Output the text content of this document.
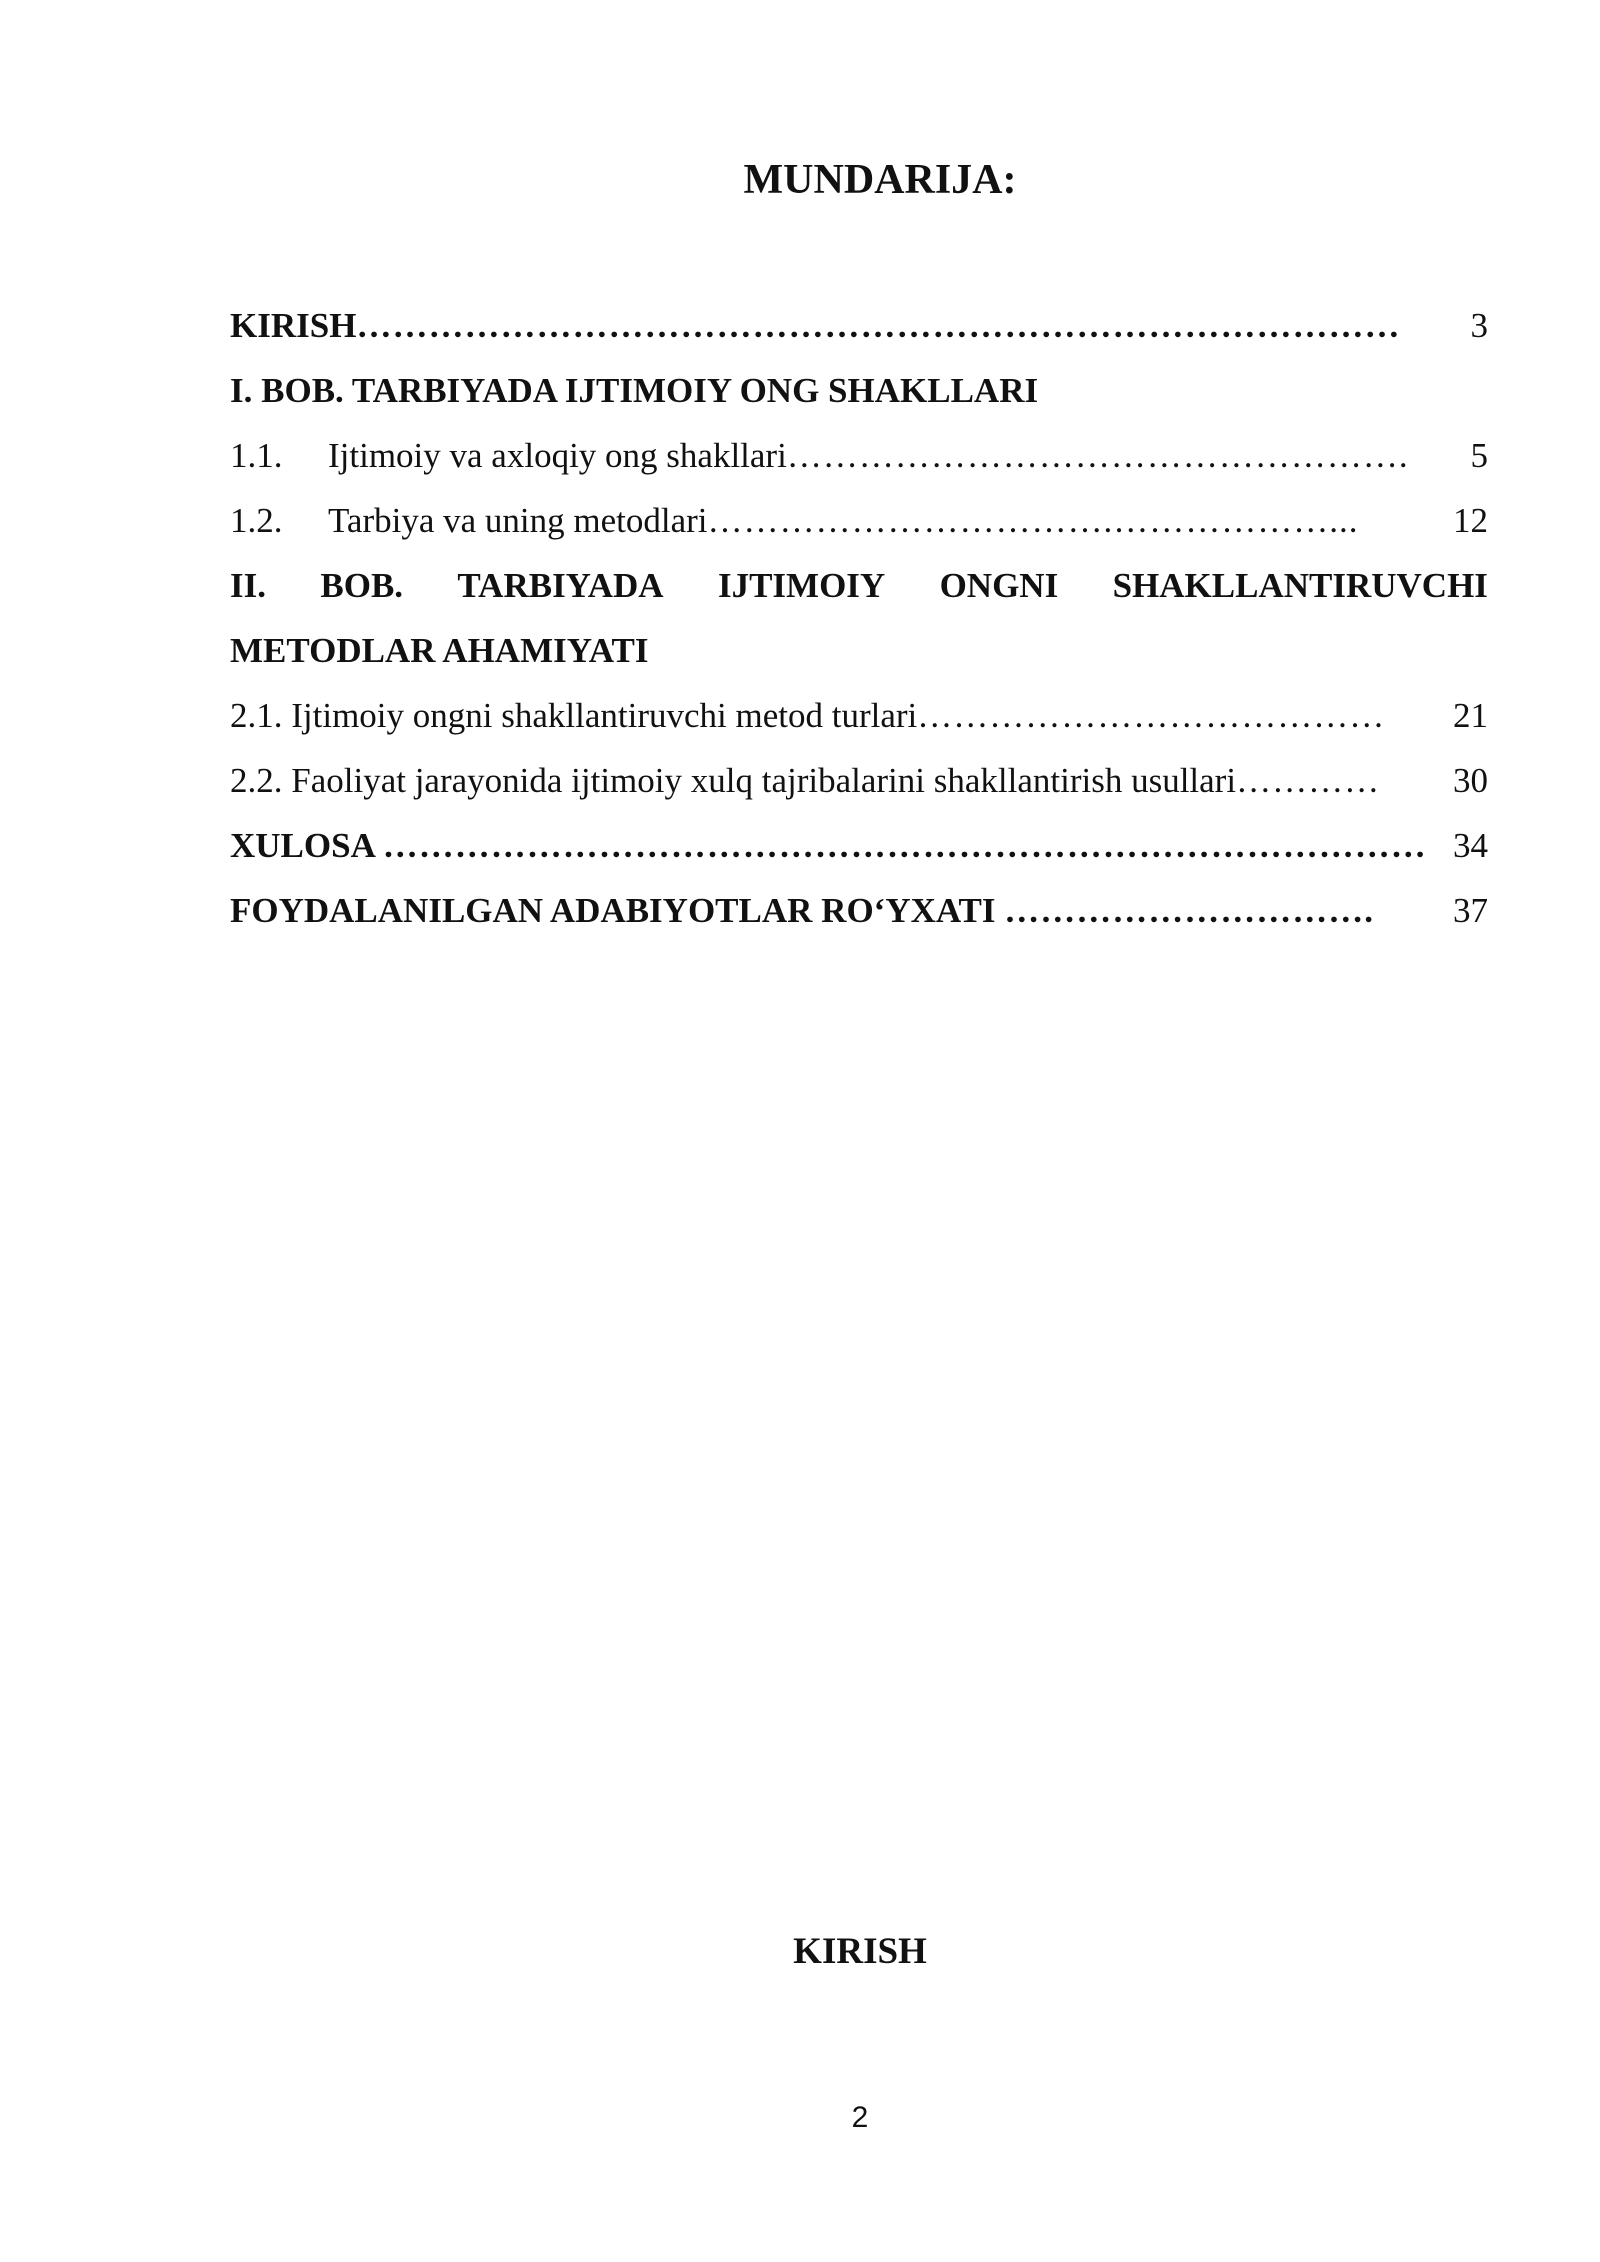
MUNDARIJA:
KIRISH ……………………………………………………………………………	3
I. BOB. TARBIYADA IJTIMOIY ONG SHAKLLARI
1.1. Ijtimoiy va axloqiy ong shakllari …………………………………………….	5
1.2. Tarbiya va uning metodlari …………………………….………………...	12
II. BOB. TARBIYADA IJTIMOIY ONGNI SHAKLLANTIRUVCHI
METODLAR AHAMIYATI
2.1. Ijtimoiy ongni shakllantiruvchi metod turlari …………………………………	21
2.2. Faoliyat jarayonida ijtimoiy xulq tajribalarini shakllantirish usullari …………	30
XULOSA …………………………………………………………………………… 34
FOYDALANILGAN ADABIYOTLAR RO‘YXATI ………………………….	37
KIRISH
2
